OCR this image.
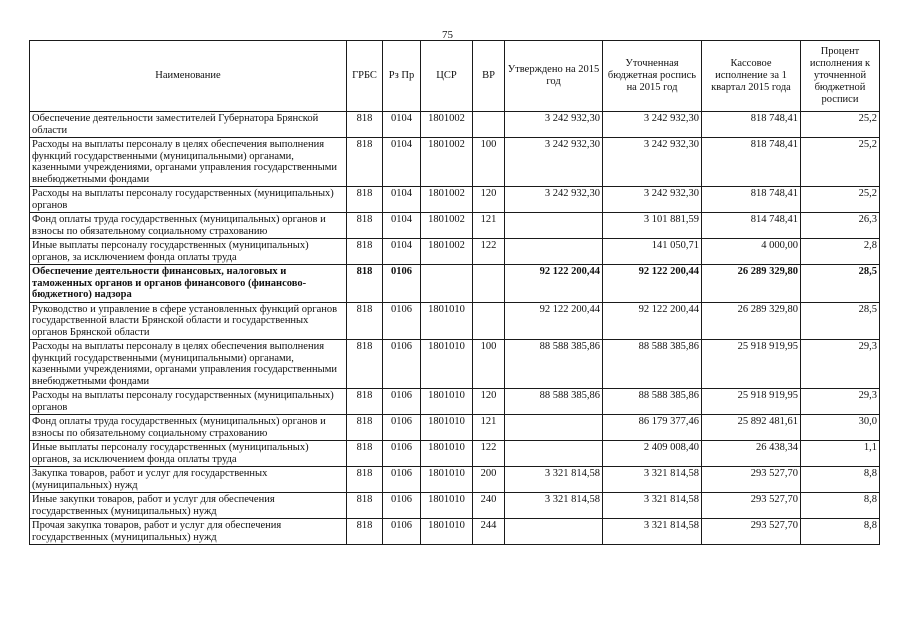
75
Наименование	ГРБС	Рз Пр	ЦСР	ВР	Утверждено на 2015 год	Уточненная бюджетная роспись на 2015 год	Кассовое исполнение за 1 квартал 2015 года	Процент исполнения к уточненной бюджетной росписи
Обеспечение деятельности заместителей Губернатора Брянской области	818	0104	1801002		3 242 932,30	3 242 932,30	818 748,41	25,2
Расходы на выплаты персоналу в целях обеспечения выполнения функций государственными (муниципальными) органами, казенными учреждениями, органами управления государственными внебюджетными фондами	818	0104	1801002	100	3 242 932,30	3 242 932,30	818 748,41	25,2
Расходы на выплаты персоналу государственных (муниципальных) органов	818	0104	1801002	120	3 242 932,30	3 242 932,30	818 748,41	25,2
Фонд оплаты труда государственных (муниципальных) органов и взносы по обязательному социальному страхованию	818	0104	1801002	121		3 101 881,59	814 748,41	26,3
Иные выплаты персоналу государственных (муниципальных) органов, за исключением фонда оплаты труда	818	0104	1801002	122		141 050,71	4 000,00	2,8
Обеспечение деятельности финансовых, налоговых и таможенных органов и органов финансового (финансово-бюджетного) надзора	818	0106			92 122 200,44	92 122 200,44	26 289 329,80	28,5
Руководство и управление в сфере установленных функций органов государственной власти Брянской области и государственных органов Брянской области	818	0106	1801010		92 122 200,44	92 122 200,44	26 289 329,80	28,5
Расходы на выплаты персоналу в целях обеспечения выполнения функций государственными (муниципальными) органами, казенными учреждениями, органами управления государственными внебюджетными фондами	818	0106	1801010	100	88 588 385,86	88 588 385,86	25 918 919,95	29,3
Расходы на выплаты персоналу государственных (муниципальных) органов	818	0106	1801010	120	88 588 385,86	88 588 385,86	25 918 919,95	29,3
Фонд оплаты труда государственных (муниципальных) органов и взносы по обязательному социальному страхованию	818	0106	1801010	121		86 179 377,46	25 892 481,61	30,0
Иные выплаты персоналу государственных (муниципальных) органов, за исключением фонда оплаты труда	818	0106	1801010	122		2 409 008,40	26 438,34	1,1
Закупка товаров, работ и услуг для государственных (муниципальных) нужд	818	0106	1801010	200	3 321 814,58	3 321 814,58	293 527,70	8,8
Иные закупки товаров, работ и услуг для обеспечения государственных (муниципальных) нужд	818	0106	1801010	240	3 321 814,58	3 321 814,58	293 527,70	8,8
Прочая закупка товаров, работ и услуг для обеспечения государственных (муниципальных) нужд	818	0106	1801010	244		3 321 814,58	293 527,70	8,8
